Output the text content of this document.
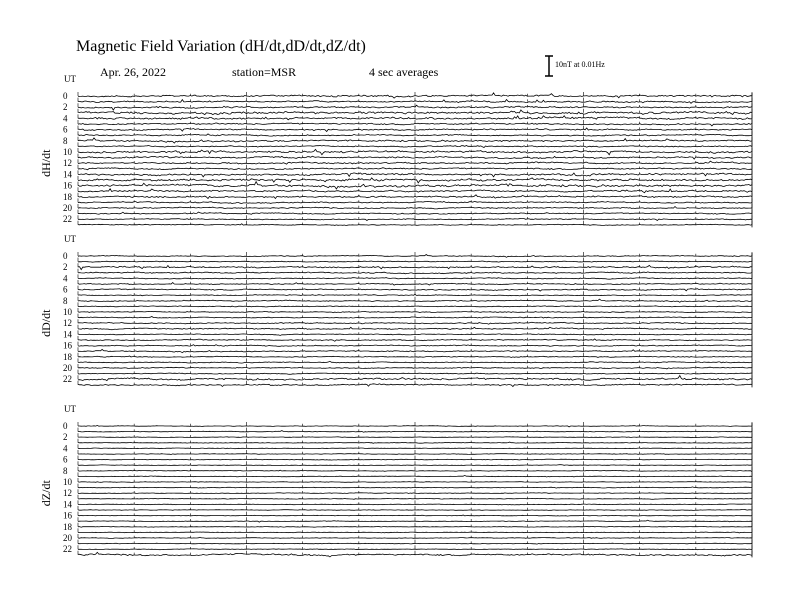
Magnetic Field Variation (dH/dt,dD/dt,dZ/dt)
Apr. 26, 2022	station=MSR	4 sec averages
10nT at 0.01Hz
UT
dH/dt
0
2
4
6
8
10
12
14
16
18
20
22
UT
dD/dt
0
2
4
6
8
10
12
14
16
18
20
22
UT
dZ/dt
0
2
4
6
8
10
12
14
16
18
20
22
